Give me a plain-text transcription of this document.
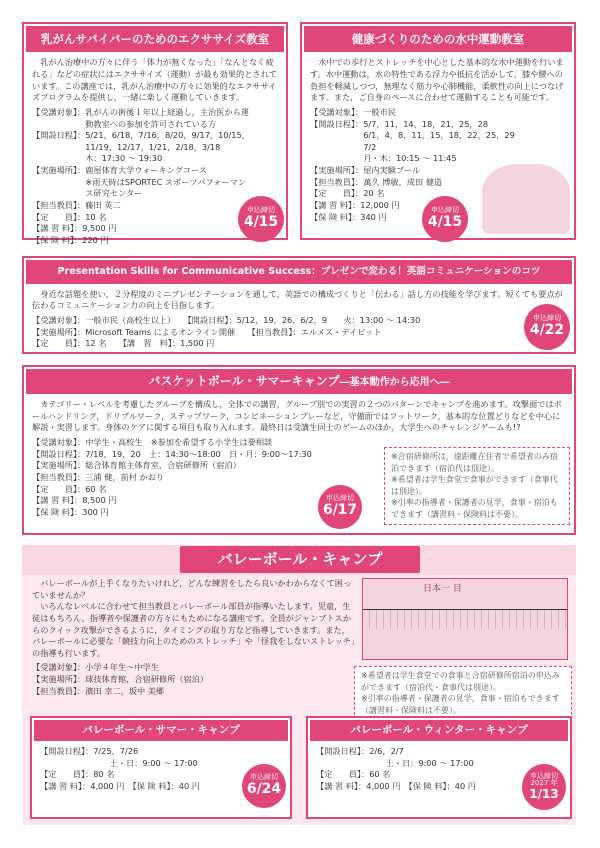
乳がんサバイバーのためのエクササイズ教室

乳がん治療中の方々に伴う「体力が無くなった」「なんとなく疲れる」などの症状にはエクササイズ（運動）が最も効果的とされています。この講座では，乳がん治療中の方々に効果的なエクササイズプログラムを提供し，一緒に楽しく運動していきます。

【受講対象】： 乳がんの術後１年以上経過し，主治医から運
動教室への参加を許可されている方
【開設日程】： 5/21，6/18，7/16，8/20，9/17，10/15，
11/19，12/17，1/21，2/18，3/18
木：17:30 ～ 19:30
【実施場所】： 鹿屋体育大学ウォーキングコース
※雨天時はSPORTEC スポーツパフォーマン
ス研究センター
【担当教員】： 藤田 英二
【定　　員】： 10 名
【講 習 料】： 9,500 円
【保 険 料】： 220 円
申込締切
4/15
健康づくりのための水中運動教室

水中での歩行とストレッチを中心とした基本的な水中運動を行います。水中運動は，水の特性である浮力や抵抗を活かして，膝や腰への負担を軽減しつつ，無理なく筋力や心肺機能，柔軟性の向上につなげます。また，ご自身のペースに合わせて運動することも可能です。

【受講対象】： 一般市民
【開設日程】： 5/7，11，14，18，21，25，28
6/1，4，8，11，15，18，22，25，29
7/2
月・木：10:15 ～ 11:45
【実施場所】： 屋内実験プール
【担当教員】： 萬久 博敏，成田 健造
【定　　員】： 20 名
【講 習 料】： 12,000 円
【保 険 料】： 340 円
申込締切
4/15
Presentation Skills for Communicative Success：プレゼンで変わる！英語コミュニケーションのコツ

身近な話題を使い，２分程度のミニプレゼンテーションを通して，英語での構成づくりと「伝わる」話し方の技能を学びます。短くても要点が伝わるコミュニケーション力の向上を目指します。

【受講対象】：一般市民（高校生以上）　　【開設日程】：5/12，19，26，6/2，9　　火：13:00 ～ 14:30
【実施場所】：Microsoft Teams によるオンライン開催　　【担当教員】：エルメス・デイビット
【定　　員】：12 名　　【講　習　料】：1,500 円
申込締切
4/22
バスケットボール・サマーキャンプ―基本動作から応用へ―

カテゴリー・レベルを考慮したグループを構成し，全体での講習，グループ別での実習の２つのパターンでキャンプを進めます。攻撃面ではボールハンドリング，ドリブルワーク，ステップワーク，コンビネーションプレーなど，守備面ではフットワーク，基本的な位置どりなどを中心に解説・実習します。身体のケアに関する項目も取り入れます。最終日は受講生同士のゲームのほか，大学生へのチャレンジゲームも!?

【受講対象】： 中学生・高校生　※参加を希望する小学生は要相談
【開設日程】： 7/18，19，20　土：14:30～18:00　日・月：9:00～17:30
【実施場所】： 総合体育館主体育室，合宿研修所（宿泊）
【担当教員】： 三浦 健，前村 かおり
【定　　員】： 60 名
【講 習 料】： 8,500 円
【保 険 料】： 300 円
※合宿研修所は，遠距離在住者で希望者のみ宿泊できます（宿泊代は別途）。
※希望者は学生食堂で食事ができます（食事代は別途）。
※引率の指導者・保護者の見学，食事・宿泊もできます（講習料・保険料は不要）。
申込締切
6/17
バレーボール・キャンプ

バレーボールが上手くなりたいけれど，どんな練習をしたら良いかわからなくて困っていませんか？

いろんなレベルに合わせて担当教員とバレーボール部員が指導いたします。児童，生徒はもちろん，指導者や保護者の方々にもためになる講座です。全員がジャンプトスからのクイック攻撃ができるように，タイミングの取り方など指導していきます。また，バレーボールに必要な「競技力向上のためのストレッチ」や「怪我をしないストレッチ」の指導も行います。

【受講対象】： 小学４年生～中学生
【実施場所】： 球技体育館，合宿研修所（宿泊）
【担当教員】： 濱田 幸二，坂中 美郷
日本一 目
※希望者は学生食堂での食事と合宿研修所宿泊の申込みができます（宿泊代・食事代は別途）。
※引率の指導者・保護者の見学，食事・宿泊もできます（講習料・保険料は不要）。
バレーボール・サマー・キャンプ
【開設日程】： 7/25，7/26
　　土・日：9:00 ～ 17:00
【定　　員】： 80 名
【講 習 料】： 4,000 円　【保 険 料】：40 円
申込締切
6/24
バレーボール・ウィンター・キャンプ
【開設日程】： 2/6，2/7
　　土・日：9:00 ～ 17:00
【定　　員】： 60 名
【講 習 料】： 4,000 円　【保 険 料】：40 円
申込締切
2027 年
1/13
